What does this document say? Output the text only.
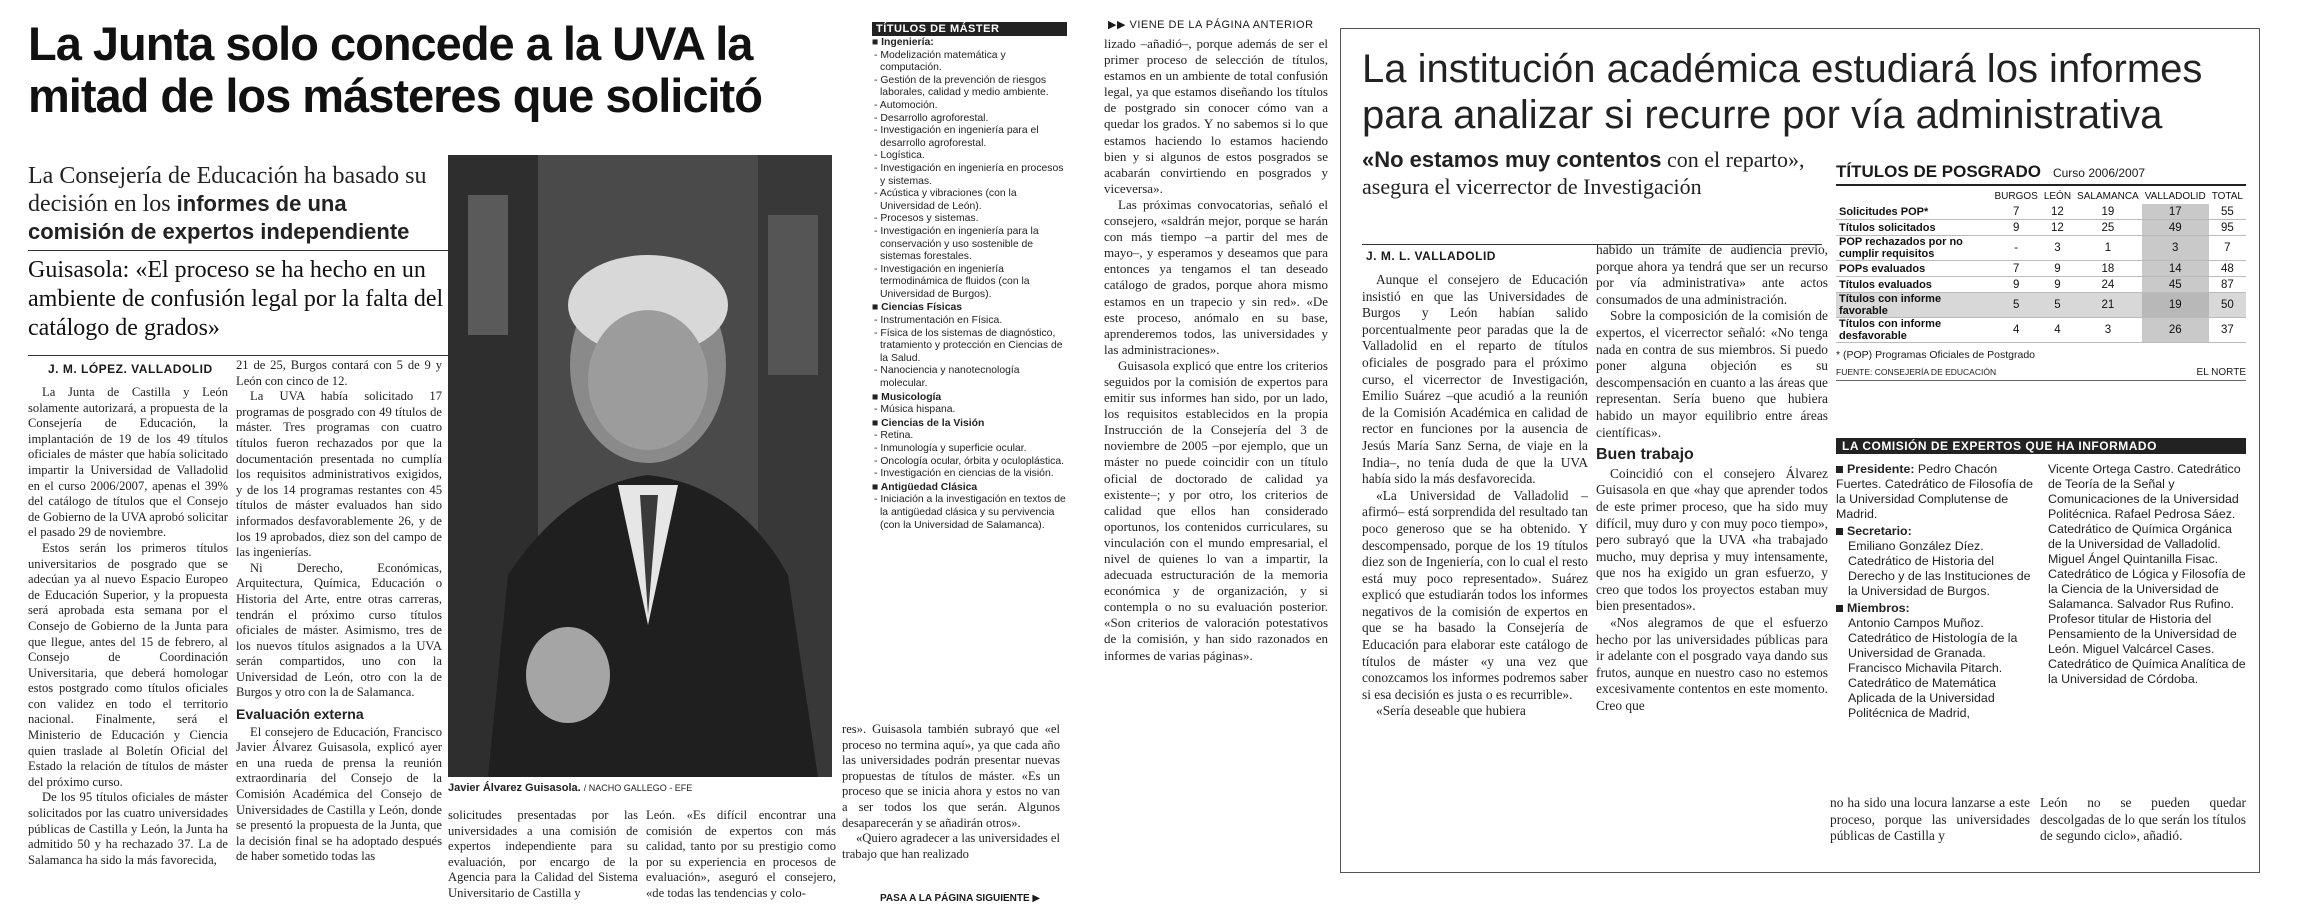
La Junta solo concede a la UVA la mitad de los másteres que solicitó
La Consejería de Educación ha basado su decisión en los informes de una comisión de expertos independiente
Guisasola: «El proceso se ha hecho en un ambiente de confusión legal por la falta del catálogo de grados»
J. M. LÓPEZ. VALLADOLID

La Junta de Castilla y León solamente autorizará, a propuesta de la Consejería de Educación, la implantación de 19 de los 49 títulos oficiales de máster que había solicitado impartir la Universidad de Valladolid en el curso 2006/2007, apenas el 39% del catálogo de títulos que el Consejo de Gobierno de la UVA aprobó solicitar el pasado 29 de noviembre.

Estos serán los primeros títulos universitarios de posgrado que se adecúan ya al nuevo Espacio Europeo de Educación Superior, y la propuesta será aprobada esta semana por el Consejo de Gobierno de la Junta para que llegue, antes del 15 de febrero, al Consejo de Coordinación Universitaria, que deberá homologar estos postgrado como títulos oficiales con validez en todo el territorio nacional. Finalmente, será el Ministerio de Educación y Ciencia quien traslade al Boletín Oficial del Estado la relación de títulos de máster del próximo curso.

De los 95 títulos oficiales de máster solicitados por las cuatro universidades públicas de Castilla y León, la Junta ha admitido 50 y ha rechazado 37. La de Salamanca ha sido la más favorecida,

21 de 25, Burgos contará con 5 de 9 y León con cinco de 12.

La UVA había solicitado 17 programas de posgrado con 49 títulos de máster. Tres programas con cuatro títulos fueron rechazados por que la documentación presentada no cumplía los requisitos administrativos exigidos, y de los 14 programas restantes con 45 títulos de máster evaluados han sido informados desfavorablemente 26, y de los 19 aprobados, diez son del campo de las ingenierías.

Ni Derecho, Económicas, Arquitectura, Química, Educación o Historia del Arte, entre otras carreras, tendrán el próximo curso títulos oficiales de máster. Asimismo, tres de los nuevos títulos asignados a la UVA serán compartidos, uno con la Universidad de León, otro con la de Burgos y otro con la de Salamanca.

Evaluación externa

El consejero de Educación, Francisco Javier Álvarez Guisasola, explicó ayer en una rueda de prensa la reunión extraordinaria del Consejo de la Comisión Académica del Consejo de Universidades de Castilla y León, donde se presentó la propuesta de la Junta, que la decisión final se ha adoptado después de haber sometido todas las

Javier Álvarez Guisasola. / NACHO GALLEGO - EFE

solicitudes presentadas por las universidades a una comisión de expertos independiente para su evaluación, por encargo de la Agencia para la Calidad del Sistema Universitario de Castilla y

León. «Es difícil encontrar una comisión de expertos con más calidad, tanto por su prestigio como por su experiencia en procesos de evaluación», aseguró el consejero, «de todas las tendencias y colo-

res». Guisasola también subrayó que «el proceso no termina aquí», ya que cada año las universidades podrán presentar nuevas propuestas de títulos de máster. «Es un proceso que se inicia ahora y estos no van a ser todos los que serán. Algunos desaparecerán y se añadirán otros».

«Quiero agradecer a las universidades el trabajo que han realizado

PASA A LA PÁGINA SIGUIENTE ▶
TÍTULOS DE MÁSTER
■ Ingeniería:
- Modelización matemática y computación.
- Gestión de la prevención de riesgos laborales, calidad y medio ambiente.
- Automoción.
- Desarrollo agroforestal.
- Investigación en ingeniería para el desarrollo agroforestal.
- Logística.
- Investigación en ingeniería en procesos y sistemas.
- Acústica y vibraciones (con la Universidad de León).
- Procesos y sistemas.
- Investigación en ingeniería para la conservación y uso sostenible de sistemas forestales.
- Investigación en ingeniería termodinámica de fluidos (con la Universidad de Burgos).
■ Ciencias Físicas
- Instrumentación en Física.
- Física de los sistemas de diagnóstico, tratamiento y protección en Ciencias de la Salud.
- Nanociencia y nanotecnología molecular.
■ Musicología
- Música hispana.
■ Ciencias de la Visión
- Retina.
- Inmunología y superficie ocular.
- Oncología ocular, órbita y oculoplástica.
- Investigación en ciencias de la visión.
■ Antigüedad Clásica
- Iniciación a la investigación en textos de la antigüedad clásica y su pervivencia (con la Universidad de Salamanca).
▶▶ VIENE DE LA PÁGINA ANTERIOR

lizado –añadió–, porque además de ser el primer proceso de selección de títulos, estamos en un ambiente de total confusión legal, ya que estamos diseñando los títulos de postgrado sin conocer cómo van a quedar los grados. Y no sabemos si lo que estamos haciendo lo estamos haciendo bien y si algunos de estos posgrados se acabarán convirtiendo en posgrados y viceversa».

Las próximas convocatorias, señaló el consejero, «saldrán mejor, porque se harán con más tiempo –a partir del mes de mayo–, y esperamos y deseamos que para entonces ya tengamos el tan deseado catálogo de grados, porque ahora mismo estamos en un trapecio y sin red». «De este proceso, anómalo en su base, aprenderemos todos, las universidades y las administraciones».

Guisasola explicó que entre los criterios seguidos por la comisión de expertos para emitir sus informes han sido, por un lado, los requisitos establecidos en la propia Instrucción de la Consejería del 3 de noviembre de 2005 –por ejemplo, que un máster no puede coincidir con un título oficial de doctorado de calidad ya existente–; y por otro, los criterios de calidad que ellos han considerado oportunos, los contenidos curriculares, su vinculación con el mundo empresarial, el nivel de quienes lo van a impartir, la adecuada estructuración de la memoria económica y de organización, y si contempla o no su evaluación posterior. «Son criterios de valoración potestativos de la comisión, y han sido razonados en informes de varias páginas».

La institución académica estudiará los informes para analizar si recurre por vía administrativa
«No estamos muy contentos con el reparto», asegura el vicerrector de Investigación
J. M. L. VALLADOLID

Aunque el consejero de Educación insistió en que las Universidades de Burgos y León habían salido porcentualmente peor paradas que la de Valladolid en el reparto de títulos oficiales de posgrado para el próximo curso, el vicerrector de Investigación, Emilio Suárez –que acudió a la reunión de la Comisión Académica en calidad de rector en funciones por la ausencia de Jesús María Sanz Serna, de viaje en la India–, no tenía duda de que la UVA había sido la más desfavorecida.

«La Universidad de Valladolid –afirmó– está sorprendida del resultado tan poco generoso que se ha obtenido. Y descompensado, porque de los 19 títulos diez son de Ingeniería, con lo cual el resto está muy poco representado». Suárez explicó que estudiarán todos los informes negativos de la comisión de expertos en que se ha basado la Consejería de Educación para elaborar este catálogo de títulos de máster «y una vez que conozcamos los informes podremos saber si esa decisión es justa o es recurrible».

«Sería deseable que hubiera

habido un trámite de audiencia previo, porque ahora ya tendrá que ser un recurso por vía administrativa» ante actos consumados de una administración.

Sobre la composición de la comisión de expertos, el vicerrector señaló: «No tenga nada en contra de sus miembros. Si puedo poner alguna objeción es su descompensación en cuanto a las áreas que representan. Sería bueno que hubiera habido un mayor equilibrio entre áreas científicas».

Buen trabajo

Coincidió con el consejero Álvarez Guisasola en que «hay que aprender todos de este primer proceso, que ha sido muy difícil, muy duro y con muy poco tiempo», pero subrayó que la UVA «ha trabajado mucho, muy deprisa y muy intensamente, que nos ha exigido un gran esfuerzo, y creo que todos los proyectos estaban muy bien presentados».

«Nos alegramos de que el esfuerzo hecho por las universidades públicas para ir adelante con el posgrado vaya dando sus frutos, aunque en nuestro caso no estemos excesivamente contentos en este momento. Creo que

TÍTULOS DE POSGRADO Curso 2006/2007
	BURGOS	LEÓN	SALAMANCA	VALLADOLID	TOTAL
Solicitudes POP*	7	12	19	17	55
Títulos solicitados	9	12	25	49	95
POP rechazados por no cumplir requisitos	-	3	1	3	7
POPs evaluados	7	9	18	14	48
Títulos evaluados	9	9	24	45	87
Títulos con informe favorable	5	5	21	19	50
Títulos con informe desfavorable	4	4	3	26	37
* (POP) Programas Oficiales de Postgrado
FUENTE: CONSEJERÍA DE EDUCACIÓN	EL NORTE
LA COMISIÓN DE EXPERTOS QUE HA INFORMADO
Presidente: Pedro Chacón Fuertes. Catedrático de Filosofía de la Universidad Complutense de Madrid.
Secretario:
Emiliano González Díez. Catedrático de Historia del Derecho y de las Instituciones de la Universidad de Burgos.
Miembros:
Antonio Campos Muñoz. Catedrático de Histología de la Universidad de Granada. Francisco Michavila Pitarch. Catedrático de Matemática Aplicada de la Universidad Politécnica de Madrid,
Vicente Ortega Castro. Catedrático de Teoría de la Señal y Comunicaciones de la Universidad Politécnica. Rafael Pedrosa Sáez. Catedrático de Química Orgánica de la Universidad de Valladolid. Miguel Ángel Quintanilla Fisac. Catedrático de Lógica y Filosofía de la Ciencia de la Universidad de Salamanca. Salvador Rus Rufino. Profesor titular de Historia del Pensamiento de la Universidad de León. Miguel Valcárcel Cases. Catedrático de Química Analítica de la Universidad de Córdoba.
no ha sido una locura lanzarse a este proceso, porque las universidades públicas de Castilla y
León no se pueden quedar descolgadas de lo que serán los títulos de segundo ciclo», añadió.
